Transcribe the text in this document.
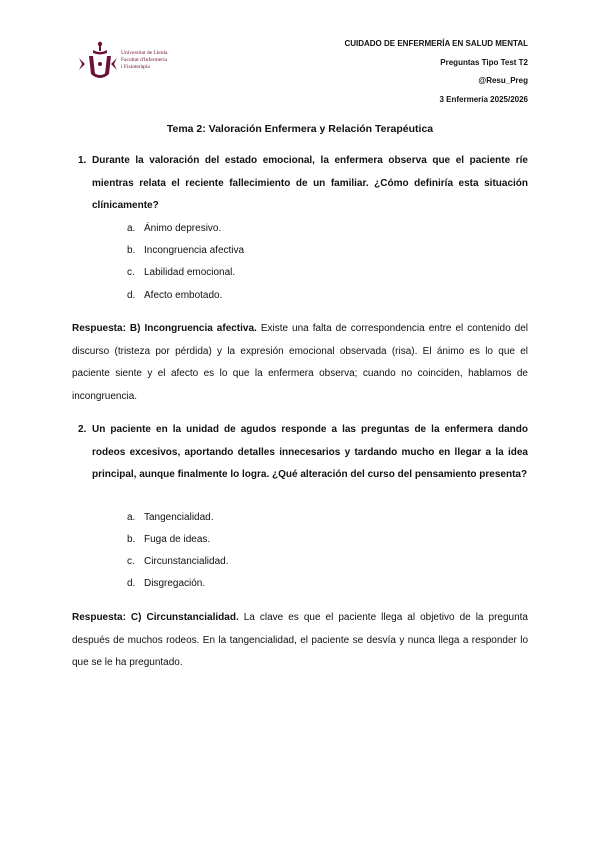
Universitat de Lleida
Facultat d'Infermeria
i Fisioteràpia
CUIDADO DE ENFERMERÍA EN SALUD MENTAL
Preguntas Tipo Test T2
@Resu_Preg
3 Enfermería 2025/2026
Tema 2: Valoración Enfermera y Relación Terapéutica
1. Durante la valoración del estado emocional, la enfermera observa que el paciente ríe mientras relata el reciente fallecimiento de un familiar. ¿Cómo definiría esta situación clínicamente?
a. Ánimo depresivo.
b. Incongruencia afectiva
c. Labilidad emocional.
d. Afecto embotado.
Respuesta: B) Incongruencia afectiva. Existe una falta de correspondencia entre el contenido del discurso (tristeza por pérdida) y la expresión emocional observada (risa). El ánimo es lo que el paciente siente y el afecto es lo que la enfermera observa; cuando no coinciden, hablamos de incongruencia.
2. Un paciente en la unidad de agudos responde a las preguntas de la enfermera dando rodeos excesivos, aportando detalles innecesarios y tardando mucho en llegar a la idea principal, aunque finalmente lo logra. ¿Qué alteración del curso del pensamiento presenta?
a. Tangencialidad.
b. Fuga de ideas.
c. Circunstancialidad.
d. Disgregación.
Respuesta: C) Circunstancialidad. La clave es que el paciente llega al objetivo de la pregunta después de muchos rodeos. En la tangencialidad, el paciente se desvía y nunca llega a responder lo que se le ha preguntado.
